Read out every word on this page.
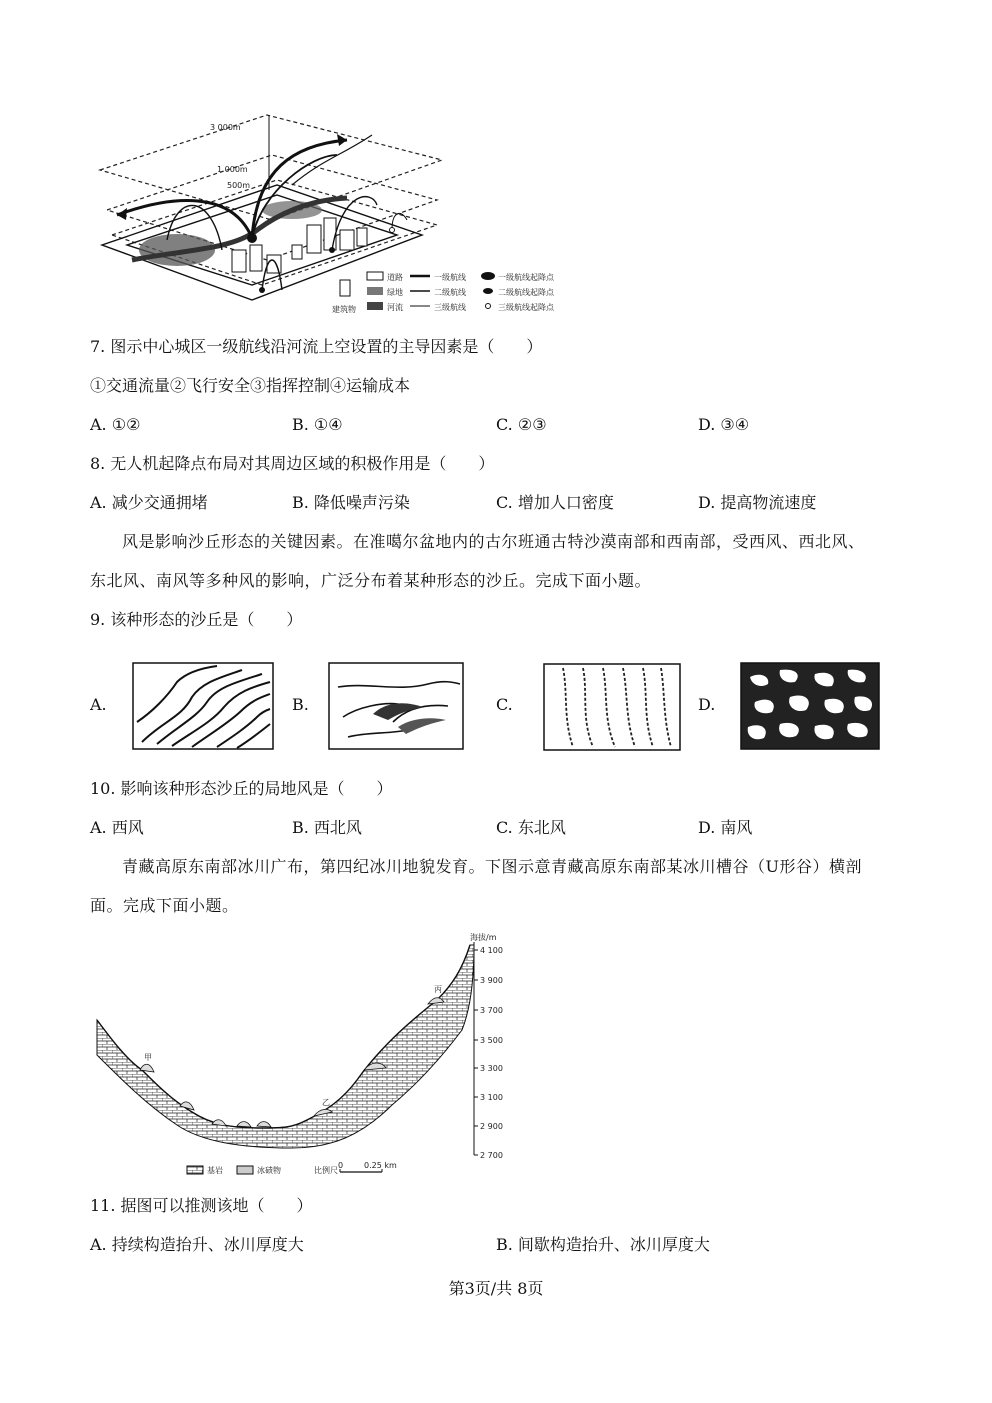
3 000m
1 000m
500m
道路	一级航线	一级航线起降点
绿地	二级航线	二级航线起降点
建筑物	河流	三级航线	三级航线起降点
7. 图示中心城区一级航线沿河流上空设置的主导因素是（　　）
①交通流量②飞行安全③指挥控制④运输成本
A. ①②	B. ①④	C. ②③	D. ③④
8. 无人机起降点布局对其周边区域的积极作用是（　　）
A. 减少交通拥堵	B. 降低噪声污染	C. 增加人口密度	D. 提高物流速度
风是影响沙丘形态的关键因素。在准噶尔盆地内的古尔班通古特沙漠南部和西南部，受西风、西北风、
东北风、南风等多种风的影响，广泛分布着某种形态的沙丘。完成下面小题。
9. 该种形态的沙丘是（　　）
A.	B.	C.	D.
10. 影响该种形态沙丘的局地风是（　　）
A. 西风	B. 西北风	C. 东北风	D. 南风
青藏高原东南部冰川广布，第四纪冰川地貌发育。下图示意青藏高原东南部某冰川槽谷（U形谷）横剖
面。完成下面小题。
甲
乙
丙
海拔/m
4 100
3 900
3 700
3 500
3 300
3 100
2 900
2 700
基岩	冰碛物	比例尺
0	0.25 km
11. 据图可以推测该地（　　）
A. 持续构造抬升、冰川厚度大	B. 间歇构造抬升、冰川厚度大
第3页/共 8页
